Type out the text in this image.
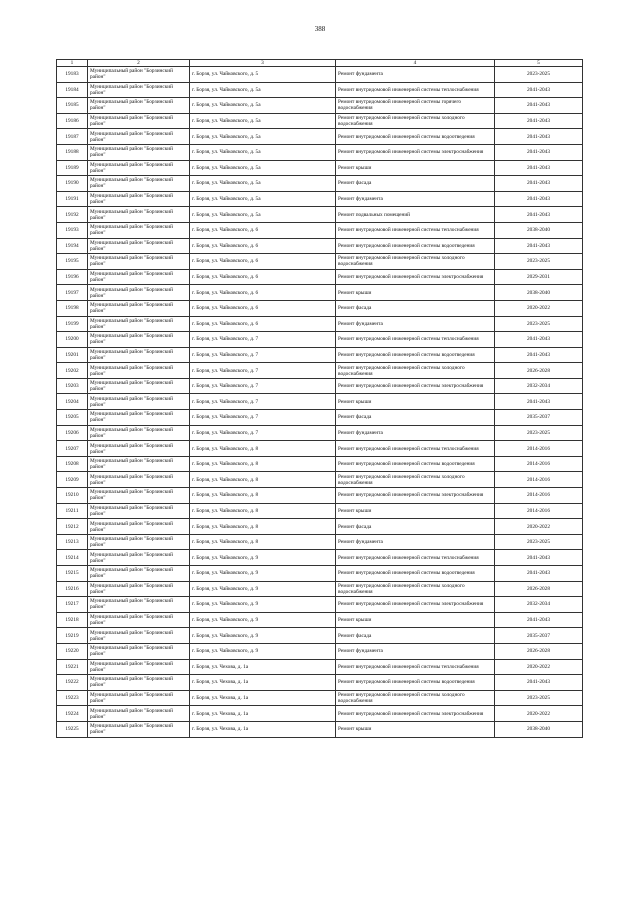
388
1	2	3	4	5
19183	Муниципальный район "Борзинский район"	г. Борзя, ул. Чайковского, д. 5	Ремонт фундамента	2023-2025
19184	Муниципальный район "Борзинский район"	г. Борзя, ул. Чайковского, д. 5а	Ремонт внутридомовой инженерной системы теплоснабжения	2041-2043
19185	Муниципальный район "Борзинский район"	г. Борзя, ул. Чайковского, д. 5а	Ремонт внутридомовой инженерной системы горячего водоснабжения	2041-2043
19186	Муниципальный район "Борзинский район"	г. Борзя, ул. Чайковского, д. 5а	Ремонт внутридомовой инженерной системы холодного водоснабжения	2041-2043
19187	Муниципальный район "Борзинский район"	г. Борзя, ул. Чайковского, д. 5а	Ремонт внутридомовой инженерной системы водоотведения	2041-2043
19188	Муниципальный район "Борзинский район"	г. Борзя, ул. Чайковского, д. 5а	Ремонт внутридомовой инженерной системы электроснабжения	2041-2043
19189	Муниципальный район "Борзинский район"	г. Борзя, ул. Чайковского, д. 5а	Ремонт крыши	2041-2043
19190	Муниципальный район "Борзинский район"	г. Борзя, ул. Чайковского, д. 5а	Ремонт фасада	2041-2043
19191	Муниципальный район "Борзинский район"	г. Борзя, ул. Чайковского, д. 5а	Ремонт фундамента	2041-2043
19192	Муниципальный район "Борзинский район"	г. Борзя, ул. Чайковского, д. 5а	Ремонт подвальных помещений	2041-2043
19193	Муниципальный район "Борзинский район"	г. Борзя, ул. Чайковского, д. 6	Ремонт внутридомовой инженерной системы теплоснабжения	2038-2040
19194	Муниципальный район "Борзинский район"	г. Борзя, ул. Чайковского, д. 6	Ремонт внутридомовой инженерной системы водоотведения	2041-2043
19195	Муниципальный район "Борзинский район"	г. Борзя, ул. Чайковского, д. 6	Ремонт внутридомовой инженерной системы холодного водоснабжения	2023-2025
19196	Муниципальный район "Борзинский район"	г. Борзя, ул. Чайковского, д. 6	Ремонт внутридомовой инженерной системы электроснабжения	2029-2031
19197	Муниципальный район "Борзинский район"	г. Борзя, ул. Чайковского, д. 6	Ремонт крыши	2038-2040
19198	Муниципальный район "Борзинский район"	г. Борзя, ул. Чайковского, д. 6	Ремонт фасада	2020-2022
19199	Муниципальный район "Борзинский район"	г. Борзя, ул. Чайковского, д. 6	Ремонт фундамента	2023-2025
19200	Муниципальный район "Борзинский район"	г. Борзя, ул. Чайковского, д. 7	Ремонт внутридомовой инженерной системы теплоснабжения	2041-2043
19201	Муниципальный район "Борзинский район"	г. Борзя, ул. Чайковского, д. 7	Ремонт внутридомовой инженерной системы водоотведения	2041-2043
19202	Муниципальный район "Борзинский район"	г. Борзя, ул. Чайковского, д. 7	Ремонт внутридомовой инженерной системы холодного водоснабжения	2026-2028
19203	Муниципальный район "Борзинский район"	г. Борзя, ул. Чайковского, д. 7	Ремонт внутридомовой инженерной системы электроснабжения	2032-2034
19204	Муниципальный район "Борзинский район"	г. Борзя, ул. Чайковского, д. 7	Ремонт крыши	2041-2043
19205	Муниципальный район "Борзинский район"	г. Борзя, ул. Чайковского, д. 7	Ремонт фасада	2035-2037
19206	Муниципальный район "Борзинский район"	г. Борзя, ул. Чайковского, д. 7	Ремонт фундамента	2023-2025
19207	Муниципальный район "Борзинский район"	г. Борзя, ул. Чайковского, д. 8	Ремонт внутридомовой инженерной системы теплоснабжения	2014-2016
19208	Муниципальный район "Борзинский район"	г. Борзя, ул. Чайковского, д. 8	Ремонт внутридомовой инженерной системы водоотведения	2014-2016
19209	Муниципальный район "Борзинский район"	г. Борзя, ул. Чайковского, д. 8	Ремонт внутридомовой инженерной системы холодного водоснабжения	2014-2016
19210	Муниципальный район "Борзинский район"	г. Борзя, ул. Чайковского, д. 8	Ремонт внутридомовой инженерной системы электроснабжения	2014-2016
19211	Муниципальный район "Борзинский район"	г. Борзя, ул. Чайковского, д. 8	Ремонт крыши	2014-2016
19212	Муниципальный район "Борзинский район"	г. Борзя, ул. Чайковского, д. 8	Ремонт фасада	2020-2022
19213	Муниципальный район "Борзинский район"	г. Борзя, ул. Чайковского, д. 8	Ремонт фундамента	2023-2025
19214	Муниципальный район "Борзинский район"	г. Борзя, ул. Чайковского, д. 9	Ремонт внутридомовой инженерной системы теплоснабжения	2041-2043
19215	Муниципальный район "Борзинский район"	г. Борзя, ул. Чайковского, д. 9	Ремонт внутридомовой инженерной системы водоотведения	2041-2043
19216	Муниципальный район "Борзинский район"	г. Борзя, ул. Чайковского, д. 9	Ремонт внутридомовой инженерной системы холодного водоснабжения	2026-2028
19217	Муниципальный район "Борзинский район"	г. Борзя, ул. Чайковского, д. 9	Ремонт внутридомовой инженерной системы электроснабжения	2032-2034
19218	Муниципальный район "Борзинский район"	г. Борзя, ул. Чайковского, д. 9	Ремонт крыши	2041-2043
19219	Муниципальный район "Борзинский район"	г. Борзя, ул. Чайковского, д. 9	Ремонт фасада	2035-2037
19220	Муниципальный район "Борзинский район"	г. Борзя, ул. Чайковского, д. 9	Ремонт фундамента	2026-2028
19221	Муниципальный район "Борзинский район"	г. Борзя, ул. Чехова, д. 1а	Ремонт внутридомовой инженерной системы теплоснабжения	2020-2022
19222	Муниципальный район "Борзинский район"	г. Борзя, ул. Чехова, д. 1а	Ремонт внутридомовой инженерной системы водоотведения	2041-2043
19223	Муниципальный район "Борзинский район"	г. Борзя, ул. Чехова, д. 1а	Ремонт внутридомовой инженерной системы холодного водоснабжения	2023-2025
19224	Муниципальный район "Борзинский район"	г. Борзя, ул. Чехова, д. 1а	Ремонт внутридомовой инженерной системы электроснабжения	2020-2022
19225	Муниципальный район "Борзинский район"	г. Борзя, ул. Чехова, д. 1а	Ремонт крыши	2038-2040
